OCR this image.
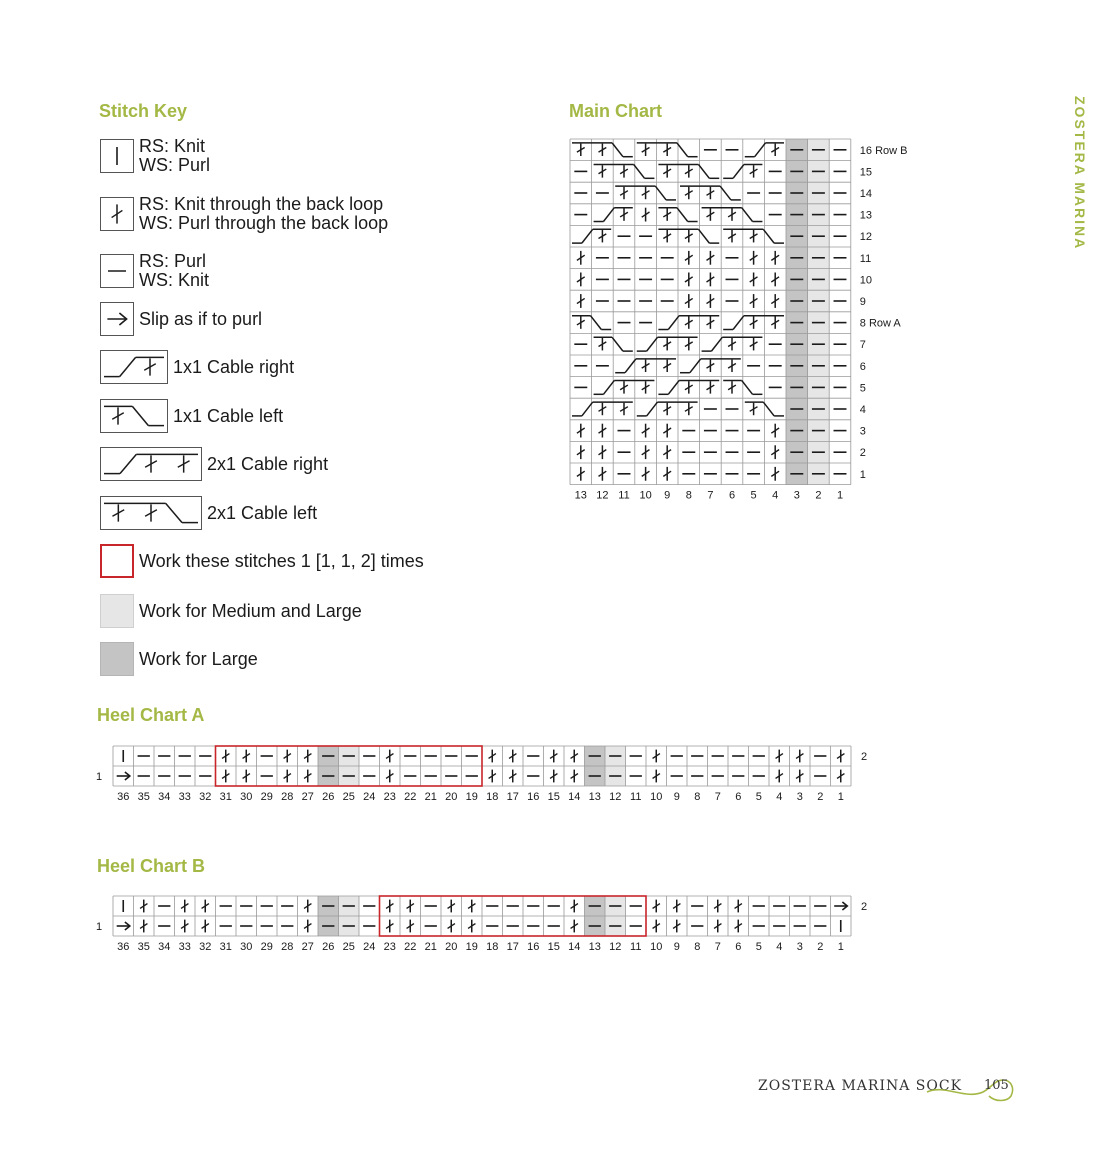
ZOSTERA MARINA
Stitch Key
RS: Knit
WS: Purl
RS: Knit through the back loop
WS: Purl through the back loop
RS: Purl
WS: Knit
Slip as if to purl
1x1 Cable right
1x1 Cable left
2x1 Cable right
2x1 Cable left
Work these stitches 1 [1, 1, 2] times
Work for Medium and Large
Work for Large
Main Chart
13 12 11 10 9 8 7 6 5 4 3 2 1
16 Row B
15
14
13
12
11
10
9
8 Row A
7
6
5
4
3
2
1
Heel Chart A
36 35 34 33 32 31 30 29 28 27 26 25 24 23 22 21 20 19 18 17 16 15 14 13 12 11 10 9 8 7 6 5 4 3 2 1
2
1
Heel Chart B
36 35 34 33 32 31 30 29 28 27 26 25 24 23 22 21 20 19 18 17 16 15 14 13 12 11 10 9 8 7 6 5 4 3 2 1
2
1
ZOSTERA MARINA SOCK 105
